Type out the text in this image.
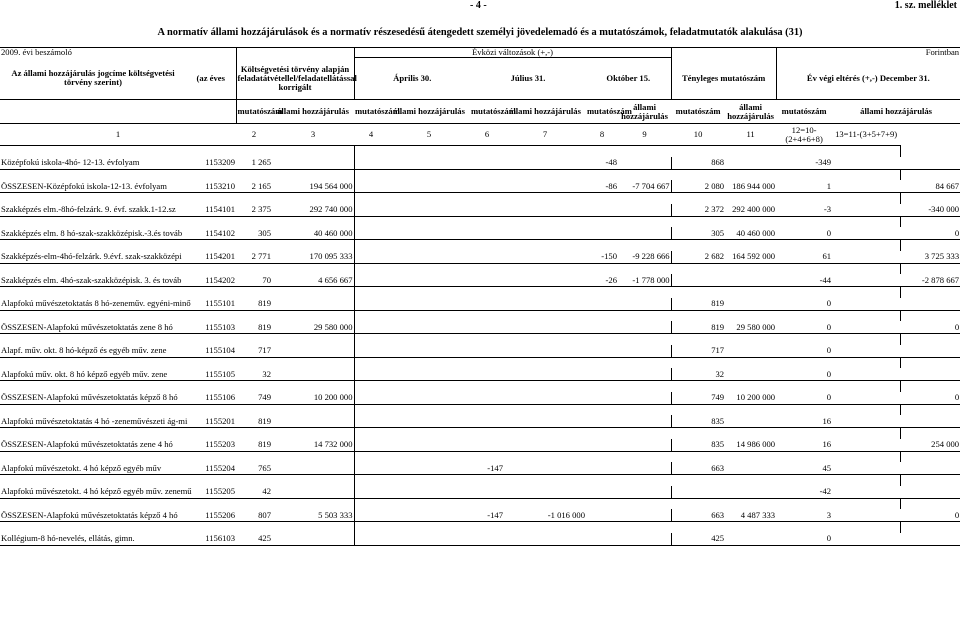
- 4 -	1. sz. melléklet
A normatív állami hozzájárulások és a normatív részesedésű átengedett személyi jövedelemadó és a mutatószámok, feladatmutatók alakulása (31)
2009. évi beszámoló				Évközi változások (+,-)								Forintban		
Az állami hozzájárulás jogcíme költségvetési törvény szerint)	(az éves	Költségvetési törvény alapján feladatátvétellel/feladatellátással korrigált		Április 30.		Július 31.		Október 15.		Tényleges mutatószám		Év végi eltérés (+,-) December 31.		
		mutatószám	állami hozzájárulás	mutatószám	állami hozzájárulás	mutatószám	állami hozzájárulás	mutatószám	állami hozzájárulás	mutatószám	állami hozzájárulás	mutatószám	állami hozzájárulás	
1		2	3	4	5	6	7	8	9	10	11	12=10-(2+4+6+8)	13=11-(3+5+7+9)	

Középfokú iskola-4hó- 12-13. évfolyam	1153209	1 265						-48		868		-349		

ÖSSZESEN-Középfokú iskola-12-13. évfolyam	1153210	2 165	194 564 000					-86	-7 704 667	2 080	186 944 000	1		84 667

Szakképzés elm.-8hó-felzárk. 9. évf. szakk.1-12.sz	1154101	2 375	292 740 000							2 372	292 400 000	-3		-340 000

Szakképzés elm. 8 hó-szak-szakközépisk.-3.és továb	1154102	305	40 460 000							305	40 460 000	0		0

Szakképzés-elm-4hó-felzárk. 9.évf. szak-szakközépi	1154201	2 771	170 095 333					-150	-9 228 666	2 682	164 592 000	61		3 725 333

Szakképzés elm. 4hó-szak-szakközépisk. 3. és továb	1154202	70	4 656 667					-26	-1 778 000			-44		-2 878 667

Alapfokú művészetoktatás 8 hó-zeneműv. egyéni-minő	1155101	819								819		0		

ÖSSZESEN-Alapfokú művészetoktatás zene 8 hó	1155103	819	29 580 000							819	29 580 000	0		0

Alapf. műv. okt. 8 hó-képző és egyéb műv. zene	1155104	717								717		0		

Alapfokú műv. okt. 8 hó képző egyéb műv. zene	1155105	32								32		0		

ÖSSZESEN-Alapfokú művészetoktatás képző 8 hó	1155106	749	10 200 000							749	10 200 000	0		0

Alapfokú művészetoktatás 4 hó -zeneművészeti ág-mi	1155201	819								835		16		

ÖSSZESEN-Alapfokú művészetoktatás zene 4 hó	1155203	819	14 732 000							835	14 986 000	16		254 000

Alapfokú művészetokt. 4 hó képző egyéb műv	1155204	765				-147				663		45		

Alapfokú művészetokt. 4 hó képző egyéb műv. zenemű	1155205	42										-42		

ÖSSZESEN-Alapfokú művészetoktatás képző 4 hó	1155206	807	5 503 333			-147	-1 016 000			663	4 487 333	3		0

Kollégium-8 hó-nevelés, ellátás, gimn.	1156103	425								425		0		
